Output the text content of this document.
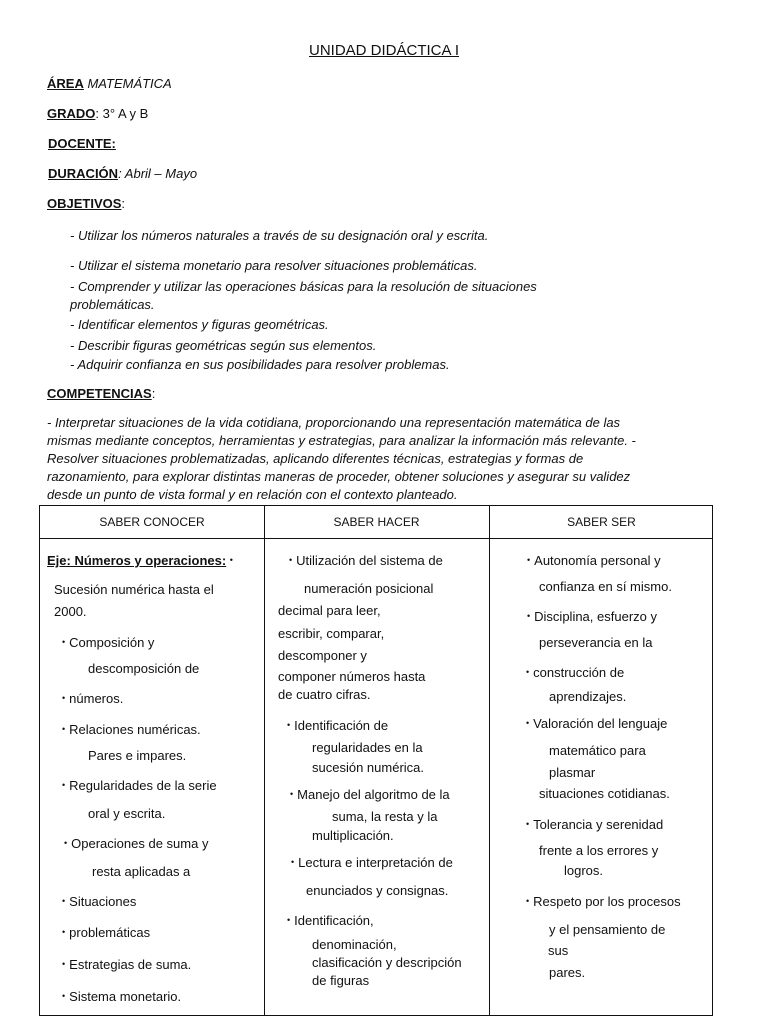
UNIDAD DIDÁCTICA I
ÁREA MATEMÁTICA
GRADO: 3° A y B
DOCENTE:
DURACIÓN: Abril – Mayo
OBJETIVOS:
- Utilizar los números naturales a través de su designación oral y escrita.
- Utilizar el sistema monetario para resolver situaciones problemáticas.
- Comprender y utilizar las operaciones básicas para la resolución de situaciones
problemáticas.
- Identificar elementos y figuras geométricas.
- Describir figuras geométricas según sus elementos.
- Adquirir confianza en sus posibilidades para resolver problemas.
COMPETENCIAS:
- Interpretar situaciones de la vida cotidiana, proporcionando una representación matemática de las
mismas mediante conceptos, herramientas y estrategias, para analizar la información más relevante. -
Resolver situaciones problematizadas, aplicando diferentes técnicas, estrategias y formas de
razonamiento, para explorar distintas maneras de proceder, obtener soluciones y asegurar su validez
desde un punto de vista formal y en relación con el contexto planteado.
SABER CONOCER	SABER HACER	SABER SER
Eje: Números y operaciones: •
Sucesión numérica hasta el
2000.
• Composición y
descomposición de
• números.
• Relaciones numéricas.
Pares e impares.
• Regularidades de la serie
oral y escrita.
• Operaciones de suma y
resta aplicadas a
• Situaciones
• problemáticas
• Estrategias de suma.
• Sistema monetario.
• Utilización del sistema de
numeración posicional
decimal para leer,
escribir, comparar,
descomponer y
componer números hasta
de cuatro cifras.
• Identificación de
regularidades en la
sucesión numérica.
• Manejo del algoritmo de la
suma, la resta y la
multiplicación.
• Lectura e interpretación de
enunciados y consignas.
• Identificación,
denominación,
clasificación y descripción
de figuras
• Autonomía personal y
confianza en sí mismo.
• Disciplina, esfuerzo y
perseverancia en la
• construcción de
aprendizajes.
• Valoración del lenguaje
matemático para
plasmar
situaciones cotidianas.
• Tolerancia y serenidad
frente a los errores y
logros.
• Respeto por los procesos
y el pensamiento de
sus
pares.
